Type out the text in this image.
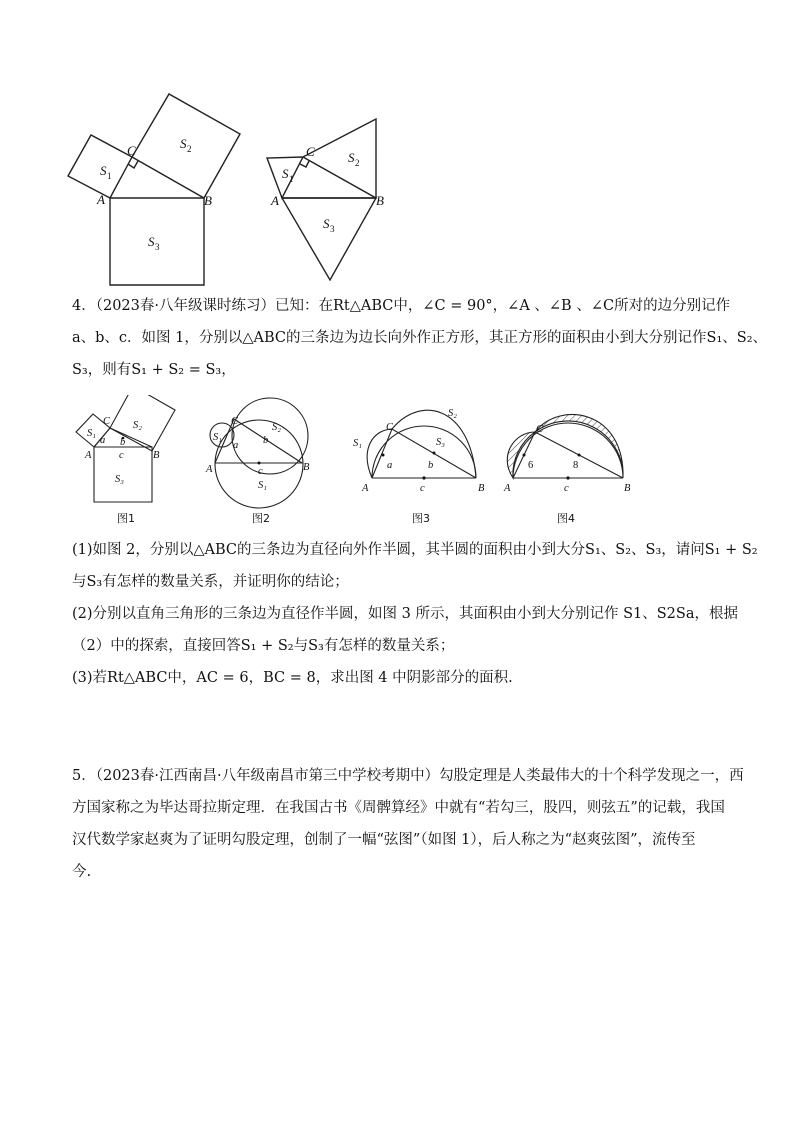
C
A	B
S 1
S 2
S 3
C
A	B
S 1
S 2
S 3
4．（2023春·八年级课时练习）已知：在Rt△ABC中，∠C = 90°，∠A 、∠B 、∠C所对的边分别记作
a、b、c．如图 1，分别以△ABC的三条边为边长向外作正方形，其正方形的面积由小到大分别记作S₁、S₂、
S₃，则有S₁ + S₂ = S₃，
C
A	B
S₁
a b
c
S₂
S₃
C
A	B
S₁
a b
c
S₂
S₁
C
A	B
S₁
a	b
c
S₂
S₃
C
A	B
6	8
c
图1	图2	图3	图4
(1)如图 2，分别以△ABC的三条边为直径向外作半圆，其半圆的面积由小到大分S₁、S₂、S₃，请问S₁ + S₂
与S₃有怎样的数量关系，并证明你的结论；
(2)分别以直角三角形的三条边为直径作半圆，如图 3 所示，其面积由小到大分别记作 S1、S2Sa，根据
（2）中的探索，直接回答S₁ + S₂与S₃有怎样的数量关系；
(3)若Rt△ABC中，AC = 6，BC = 8，求出图 4 中阴影部分的面积.
5．（2023春·江西南昌·八年级南昌市第三中学校考期中）勾股定理是人类最伟大的十个科学发现之一，西
方国家称之为毕达哥拉斯定理．在我国古书《周髀算经》中就有“若勾三，股四，则弦五”的记载，我国
汉代数学家赵爽为了证明勾股定理，创制了一幅“弦图”（如图 1），后人称之为“赵爽弦图”，流传至
今.
